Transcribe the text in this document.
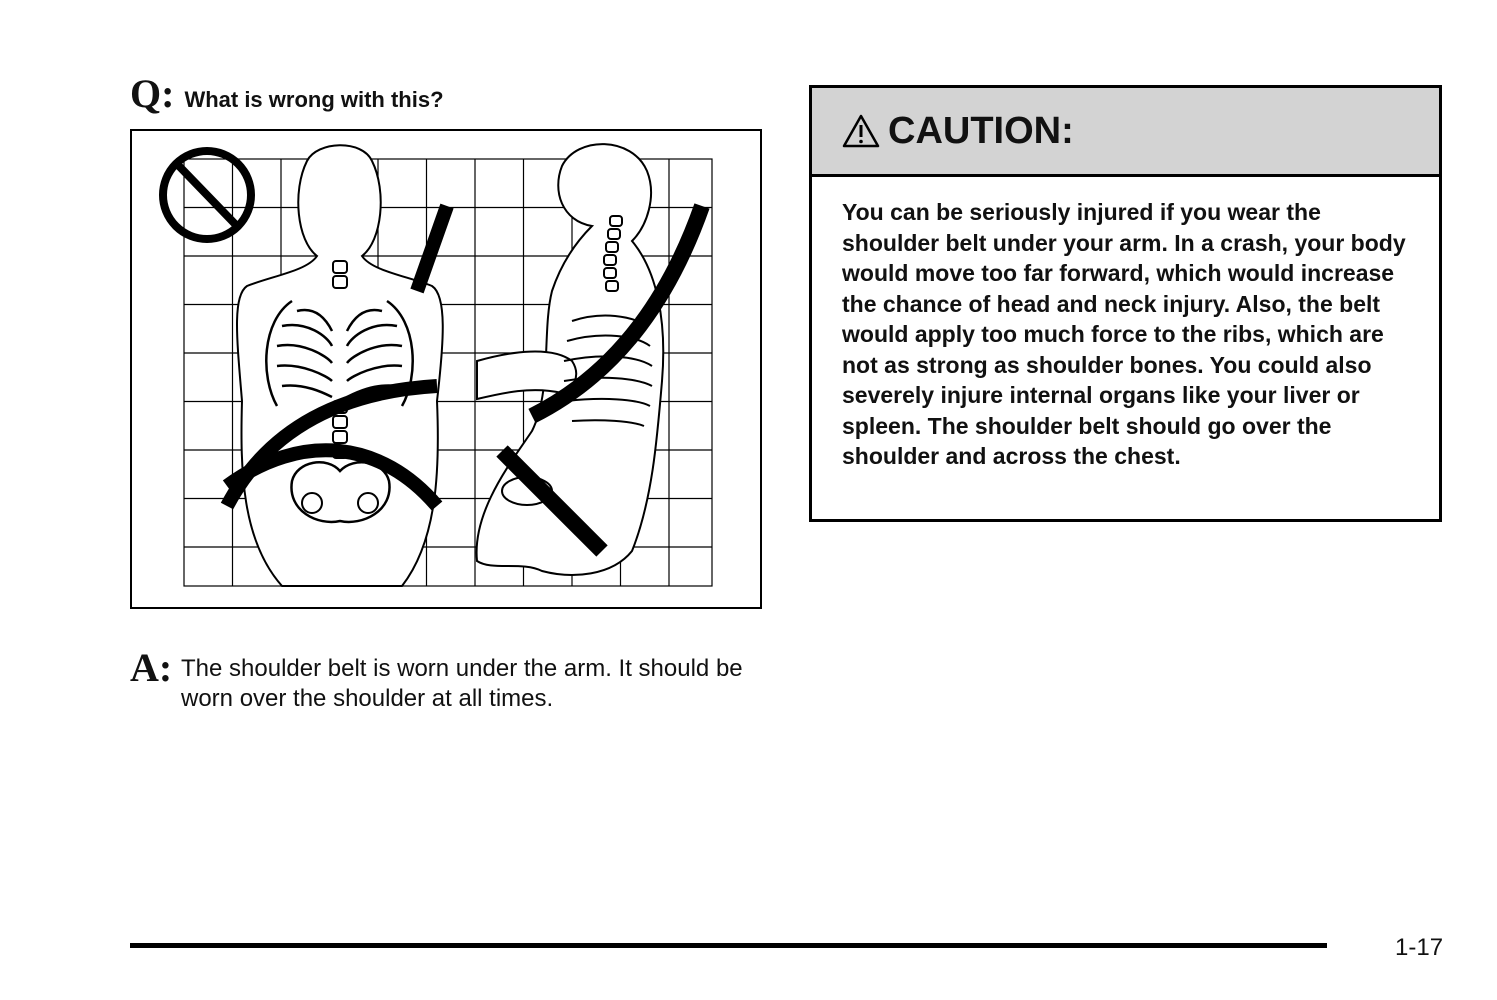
Q: What is wrong with this?
A: The shoulder belt is worn under the arm. It should be worn over the shoulder at all times.
CAUTION:
You can be seriously injured if you wear the shoulder belt under your arm. In a crash, your body would move too far forward, which would increase the chance of head and neck injury. Also, the belt would apply too much force to the ribs, which are not as strong as shoulder bones. You could also severely injure internal organs like your liver or spleen. The shoulder belt should go over the shoulder and across the chest.
1-17
